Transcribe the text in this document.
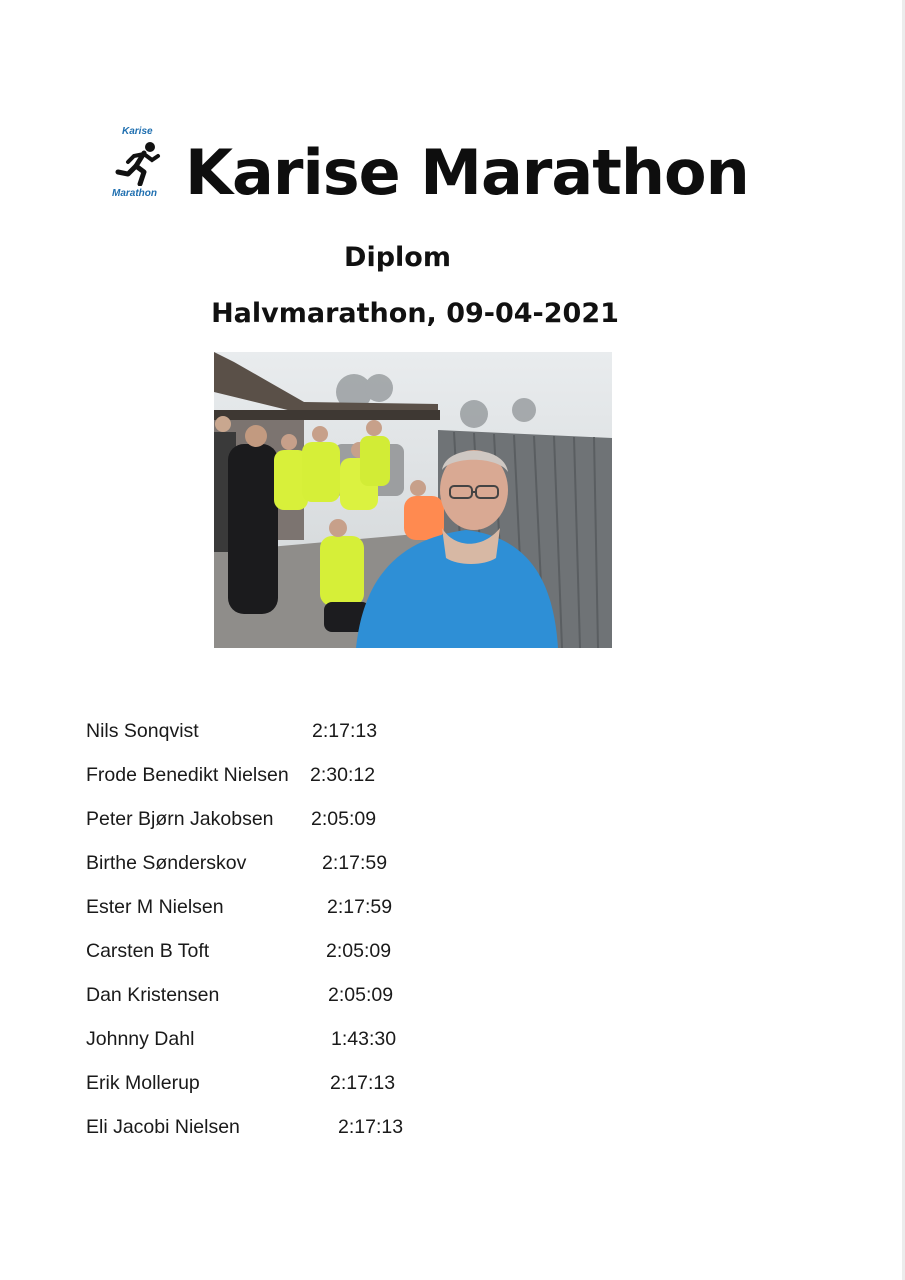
Karise
Marathon Karise Marathon
Diplom
Halvmarathon, 09-04-2021
Nils Sonqvist	2:17:13
Frode Benedikt Nielsen 2:30:12
Peter Bjørn Jakobsen 2:05:09
Birthe Sønderskov	2:17:59
Ester M Nielsen	2:17:59
Carsten B Toft	2:05:09
Dan Kristensen	2:05:09
Johnny Dahl	1:43:30
Erik Mollerup	2:17:13
Eli Jacobi Nielsen	2:17:13
